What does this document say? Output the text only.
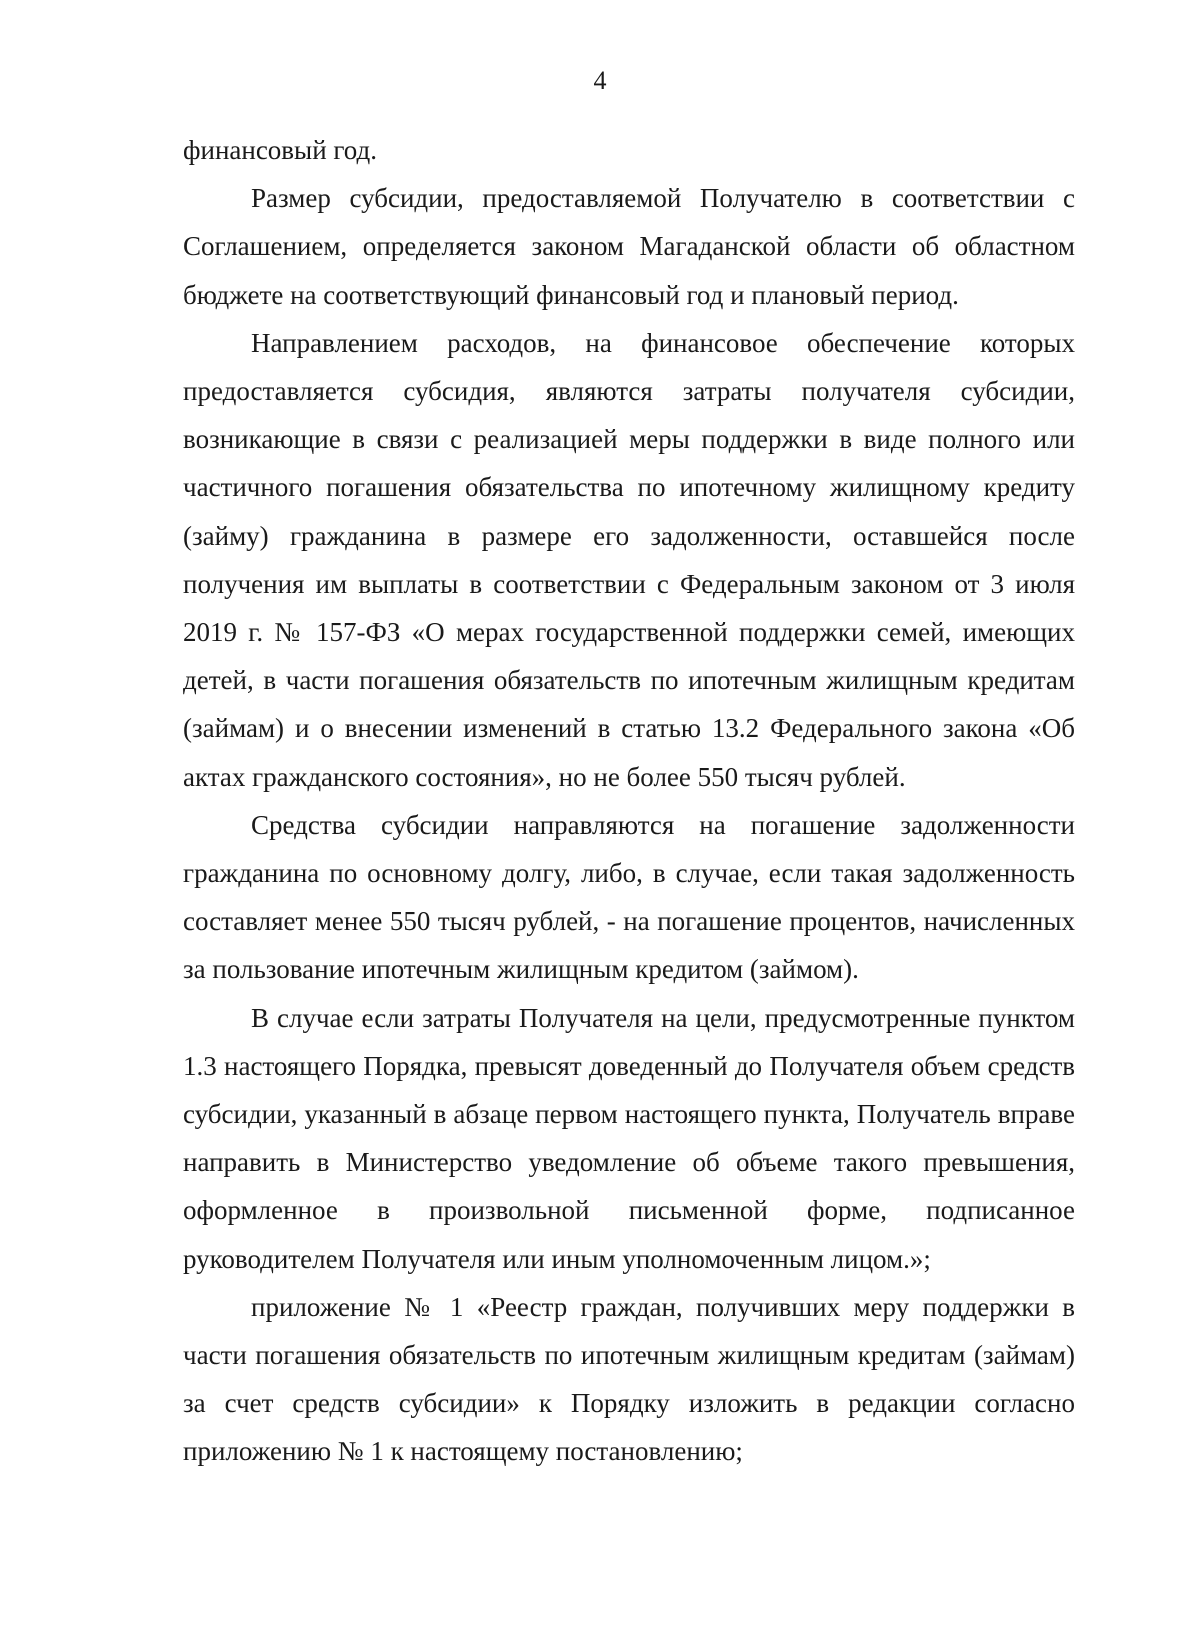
4

финансовый год.

Размер субсидии, предоставляемой Получателю в соответствии с Соглашением, определяется законом Магаданской области об областном бюджете на соответствующий финансовый год и плановый период.

Направлением расходов, на финансовое обеспечение которых предоставляется субсидия, являются затраты получателя субсидии, возникающие в связи с реализацией меры поддержки в виде полного или частичного погашения обязательства по ипотечному жилищному кредиту (займу) гражданина в размере его задолженности, оставшейся после получения им выплаты в соответствии с Федеральным законом от 3 июля 2019 г. № 157-ФЗ «О мерах государственной поддержки семей, имеющих детей, в части погашения обязательств по ипотечным жилищным кредитам (займам) и о внесении изменений в статью 13.2 Федерального закона «Об актах гражданского состояния», но не более 550 тысяч рублей.

Средства субсидии направляются на погашение задолженности гражданина по основному долгу, либо, в случае, если такая задолженность составляет менее 550 тысяч рублей, - на погашение процентов, начисленных за пользование ипотечным жилищным кредитом (займом).

В случае если затраты Получателя на цели, предусмотренные пунктом 1.3 настоящего Порядка, превысят доведенный до Получателя объем средств субсидии, указанный в абзаце первом настоящего пункта, Получатель вправе направить в Министерство уведомление об объеме такого превышения, оформленное в произвольной письменной форме, подписанное руководителем Получателя или иным уполномоченным лицом.»;

приложение № 1 «Реестр граждан, получивших меру поддержки в части погашения обязательств по ипотечным жилищным кредитам (займам) за счет средств субсидии» к Порядку изложить в редакции согласно приложению № 1 к настоящему постановлению;
